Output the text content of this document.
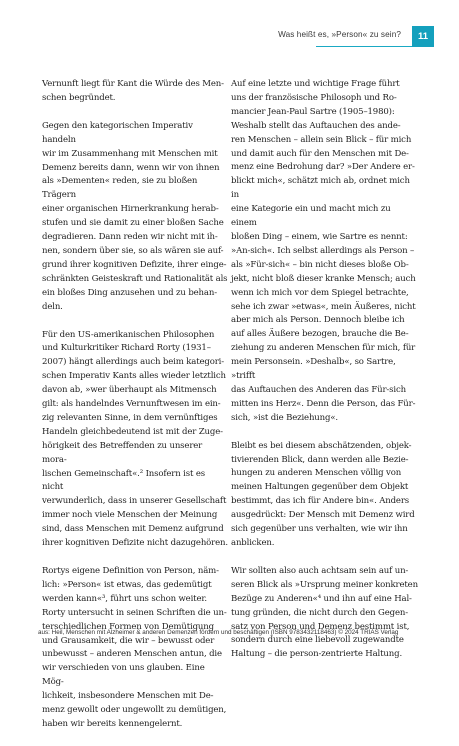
Was heißt es, »Person« zu sein?	11

Vernunft liegt für Kant die Würde des Men-
schen begründet.

Gegen den kategorischen Imperativ handeln
wir im Zusammenhang mit Menschen mit
Demenz bereits dann, wenn wir von ihnen
als »Dementen« reden, sie zu bloßen Trägern
einer organischen Hirnerkrankung herab-
stufen und sie damit zu einer bloßen Sache
degradieren. Dann reden wir nicht mit ih-
nen, sondern über sie, so als wären sie auf-
grund ihrer kognitiven Defizite, ihrer einge-
schränkten Geisteskraft und Rationalität als
ein bloßes Ding anzusehen und zu behan-
deln.

Für den US-amerikanischen Philosophen
und Kulturkritiker Richard Rorty (1931–
2007) hängt allerdings auch beim kategori-
schen Imperativ Kants alles wieder letztlich
davon ab, »wer überhaupt als Mitmensch
gilt: als handelndes Vernunftwesen im ein-
zig relevanten Sinne, in dem vernünftiges
Handeln gleichbedeutend ist mit der Zuge-
hörigkeit des Betreffenden zu unserer mora-
lischen Gemeinschaft«.² Insofern ist es nicht
verwunderlich, dass in unserer Gesellschaft
immer noch viele Menschen der Meinung
sind, dass Menschen mit Demenz aufgrund
ihrer kognitiven Defizite nicht dazugehören.

Rortys eigene Definition von Person, näm-
lich: »Person« ist etwas, das gedemütigt
werden kann«³, führt uns schon weiter.
Rorty untersucht in seinen Schriften die un-
terschiedlichen Formen von Demütigung
und Grausamkeit, die wir – bewusst oder
unbewusst – anderen Menschen antun, die
wir verschieden von uns glauben. Eine Mög-
lichkeit, insbesondere Menschen mit De-
menz gewollt oder ungewollt zu demütigen,
haben wir bereits kennengelernt.

Auf eine letzte und wichtige Frage führt
uns der französische Philosoph und Ro-
mancier Jean-Paul Sartre (1905–1980):
Weshalb stellt das Auftauchen des ande-
ren Menschen – allein sein Blick – für mich
und damit auch für den Menschen mit De-
menz eine Bedrohung dar? »Der Andere er-
blickt mich«, schätzt mich ab, ordnet mich in
eine Kategorie ein und macht mich zu einem
bloßen Ding – einem, wie Sartre es nennt:
»An-sich«. Ich selbst allerdings als Person –
als »Für-sich« – bin nicht dieses bloße Ob-
jekt, nicht bloß dieser kranke Mensch; auch
wenn ich mich vor dem Spiegel betrachte,
sehe ich zwar »etwas«, mein Äußeres, nicht
aber mich als Person. Dennoch bleibe ich
auf alles Äußere bezogen, brauche die Be-
ziehung zu anderen Menschen für mich, für
mein Personsein. »Deshalb«, so Sartre, »trifft
das Auftauchen des Anderen das Für-sich
mitten ins Herz«. Denn die Person, das Für-
sich, »ist die Beziehung«.

Bleibt es bei diesem abschätzenden, objek-
tivierenden Blick, dann werden alle Bezie-
hungen zu anderen Menschen völlig von
meinen Haltungen gegenüber dem Objekt
bestimmt, das ich für Andere bin«. Anders
ausgedrückt: Der Mensch mit Demenz wird
sich gegenüber uns verhalten, wie wir ihn
anblicken.

Wir sollten also auch achtsam sein auf un-
seren Blick als »Ursprung meiner konkreten
Bezüge zu Anderen«⁴ und ihn auf eine Hal-
tung gründen, die nicht durch den Gegen-
satz von Person und Demenz bestimmt ist,
sondern durch eine liebevoll zugewandte
Haltung – die person-zentrierte Haltung.

aus: Heil, Menschen mit Alzheimer & anderen Demenzen fördern und beschäftigen (ISBN 9783432118463) © 2024 TRIAS Verlag
